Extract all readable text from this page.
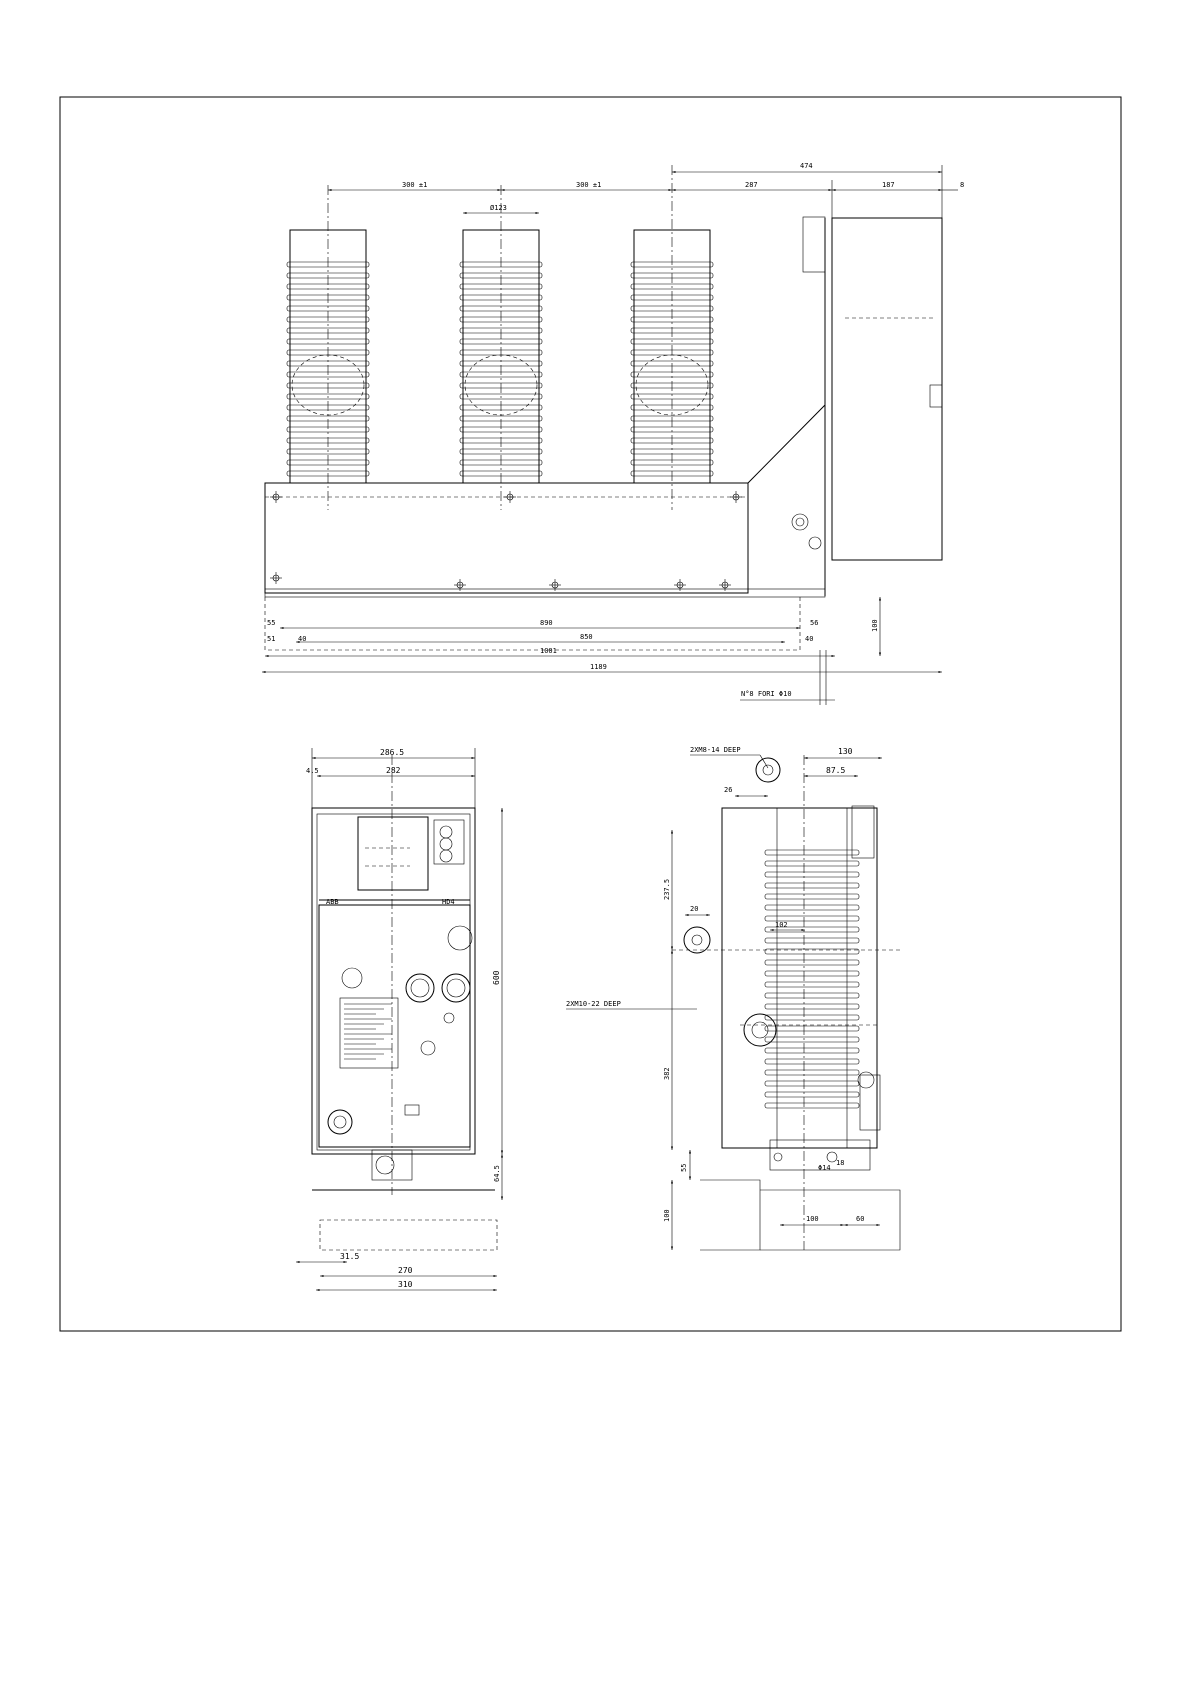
300 ±1	300 ±1
Ø123
474
287	187	8
890
850
1001
1189
55
51	40
56
40
100
N°8 FORI Φ10
ABB	HD4
286.5
282
4.5
600
64.5
31.5
270
310
2XM8-14 DEEP
2XM10-22 DEEP
130
87.5
26
20
102
237.5
382
55
100	100	60
Φ14
18
